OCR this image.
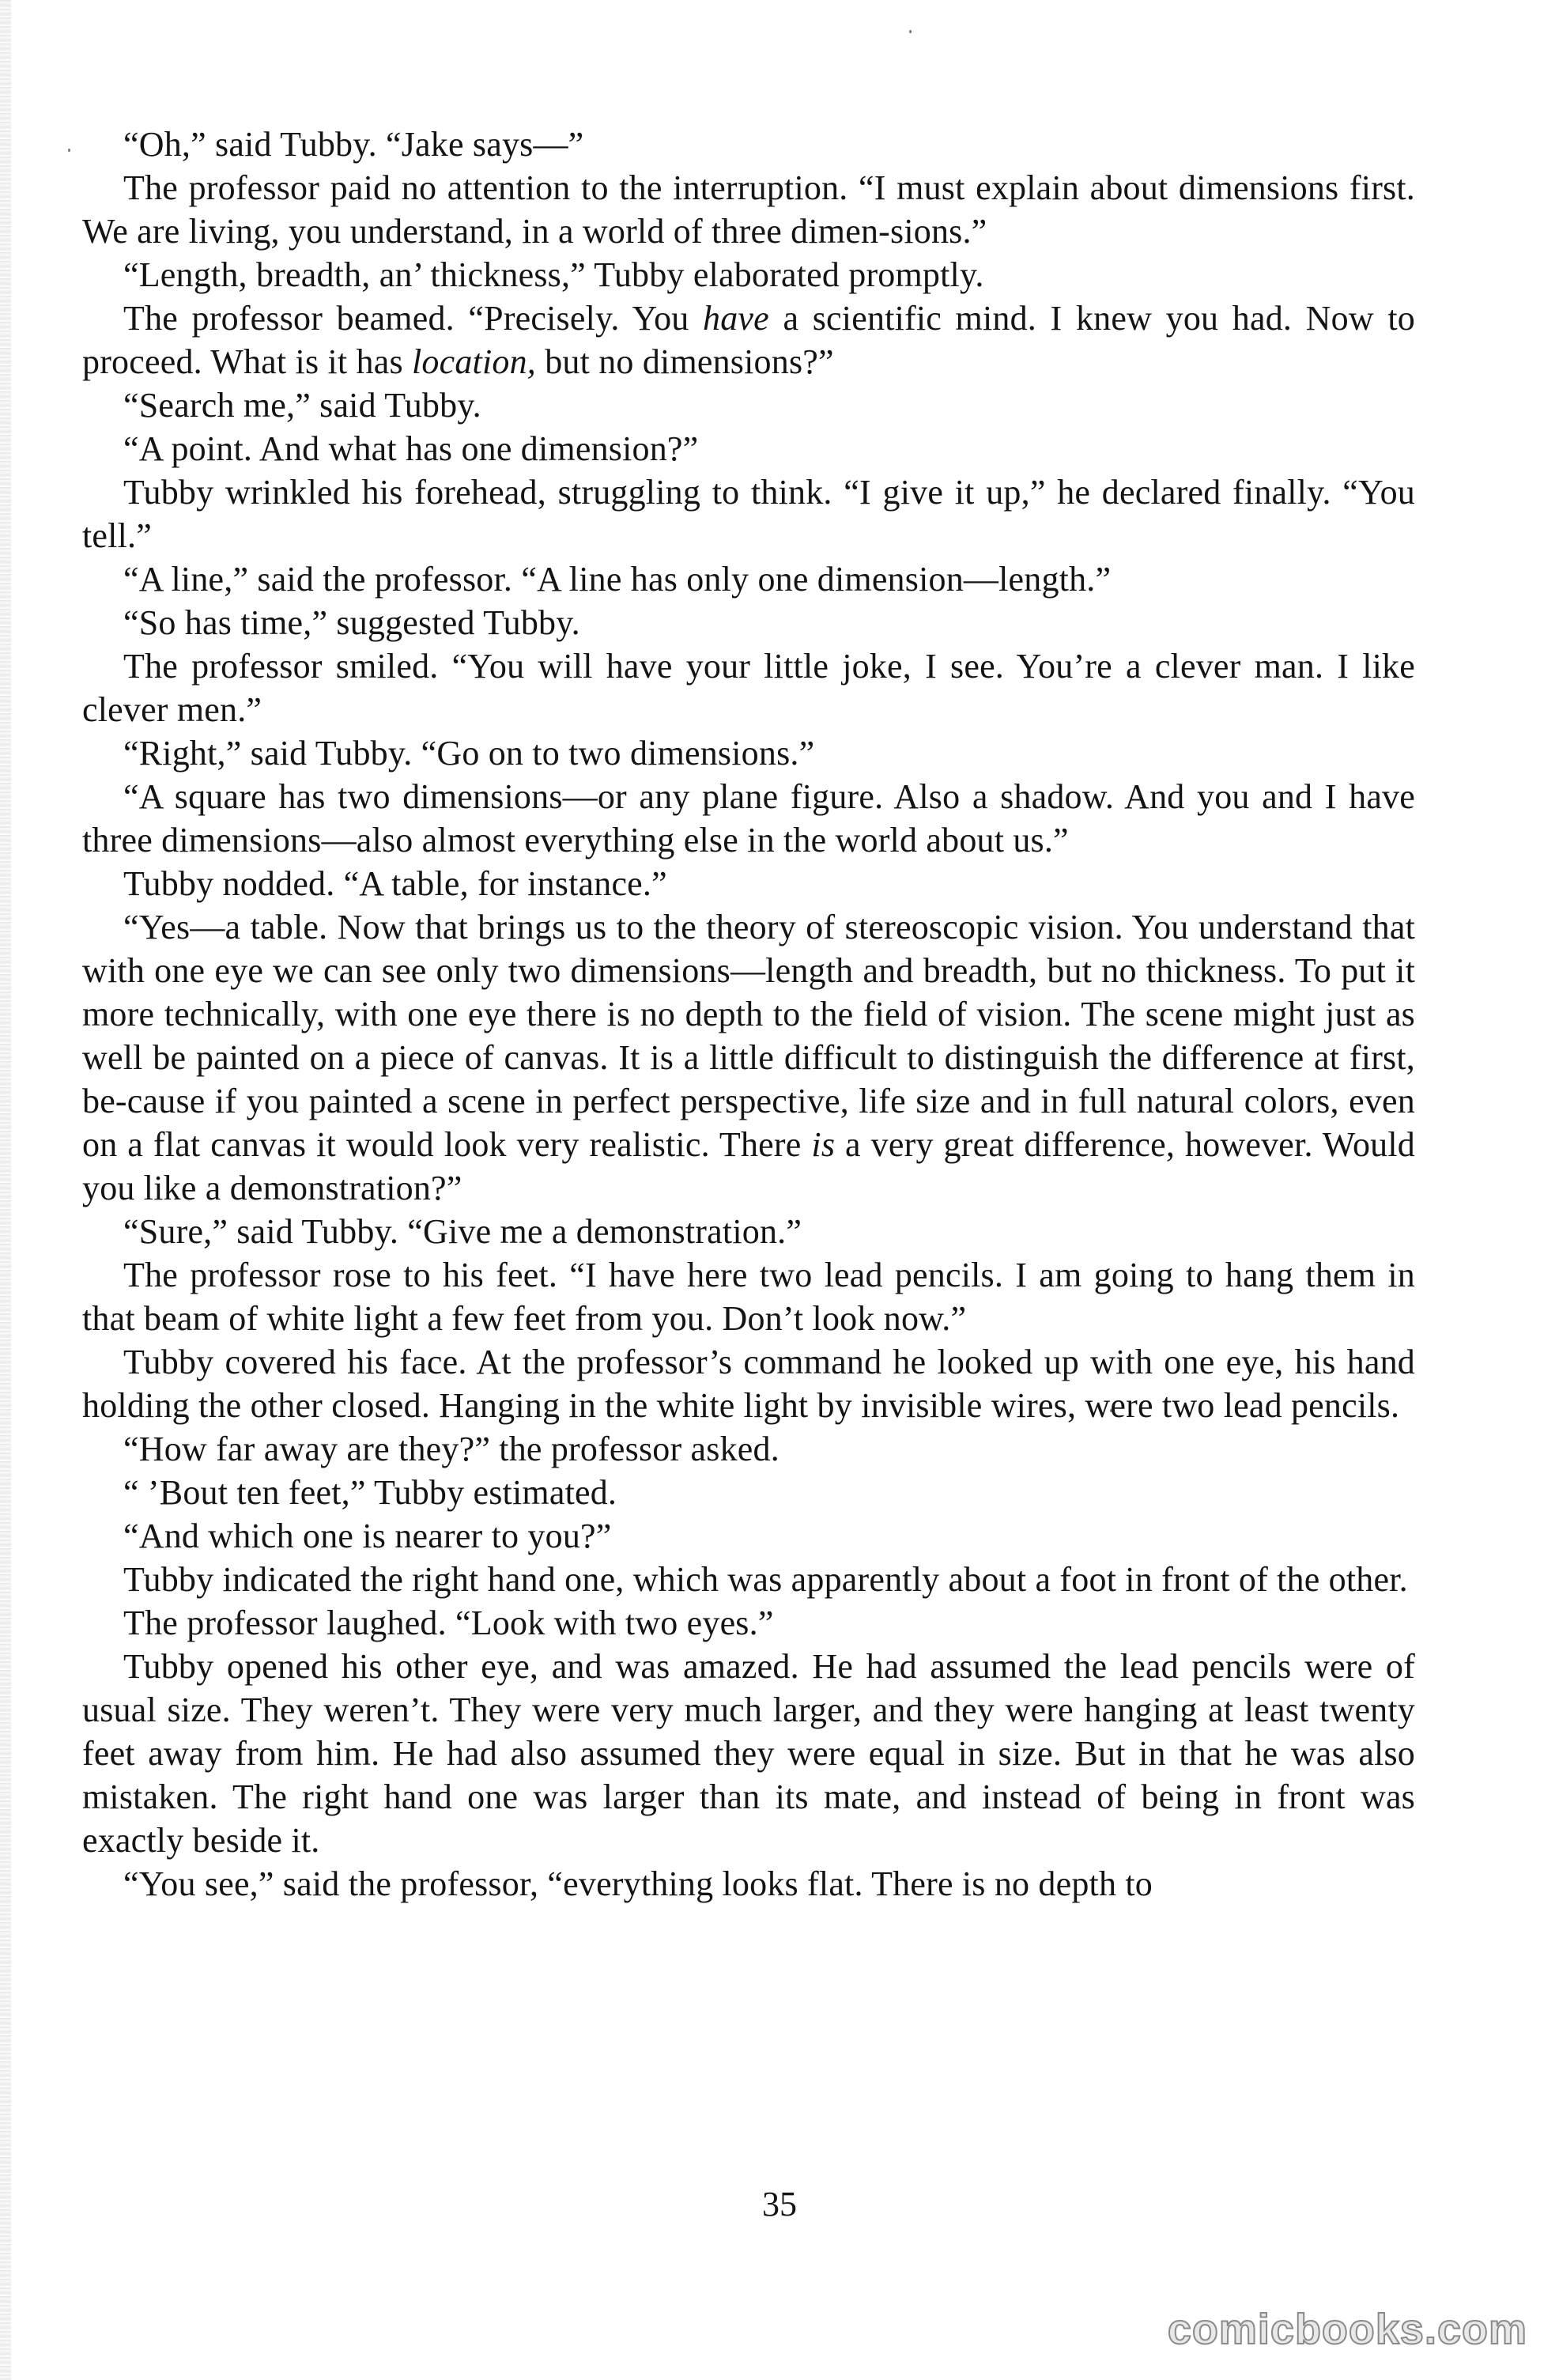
“Oh,” said Tubby. “Jake says—”

The professor paid no attention to the interruption. “I must explain about dimensions first. We are living, you understand, in a world of three dimen-sions.”

“Length, breadth, an’ thickness,” Tubby elaborated promptly.

The professor beamed. “Precisely. You have a scientific mind. I knew you had. Now to proceed. What is it has location, but no dimensions?”

“Search me,” said Tubby.

“A point. And what has one dimension?”

Tubby wrinkled his forehead, struggling to think. “I give it up,” he declared finally. “You tell.”

“A line,” said the professor. “A line has only one dimension—length.”

“So has time,” suggested Tubby.

The professor smiled. “You will have your little joke, I see. You’re a clever man. I like clever men.”

“Right,” said Tubby. “Go on to two dimensions.”

“A square has two dimensions—or any plane figure. Also a shadow. And you and I have three dimensions—also almost everything else in the world about us.”

Tubby nodded. “A table, for instance.”

“Yes—a table. Now that brings us to the theory of stereoscopic vision. You understand that with one eye we can see only two dimensions—length and breadth, but no thickness. To put it more technically, with one eye there is no depth to the field of vision. The scene might just as well be painted on a piece of canvas. It is a little difficult to distinguish the difference at first, be-cause if you painted a scene in perfect perspective, life size and in full natural colors, even on a flat canvas it would look very realistic. There is a very great difference, however. Would you like a demonstration?”

“Sure,” said Tubby. “Give me a demonstration.”

The professor rose to his feet. “I have here two lead pencils. I am going to hang them in that beam of white light a few feet from you. Don’t look now.”

Tubby covered his face. At the professor’s command he looked up with one eye, his hand holding the other closed. Hanging in the white light by invisible wires, were two lead pencils.

“How far away are they?” the professor asked.

“ ’Bout ten feet,” Tubby estimated.

“And which one is nearer to you?”

Tubby indicated the right hand one, which was apparently about a foot in front of the other.

The professor laughed. “Look with two eyes.”

Tubby opened his other eye, and was amazed. He had assumed the lead pencils were of usual size. They weren’t. They were very much larger, and they were hanging at least twenty feet away from him. He had also assumed they were equal in size. But in that he was also mistaken. The right hand one was larger than its mate, and instead of being in front was exactly beside it.

“You see,” said the professor, “everything looks flat. There is no depth to

35
comicbooks.com
